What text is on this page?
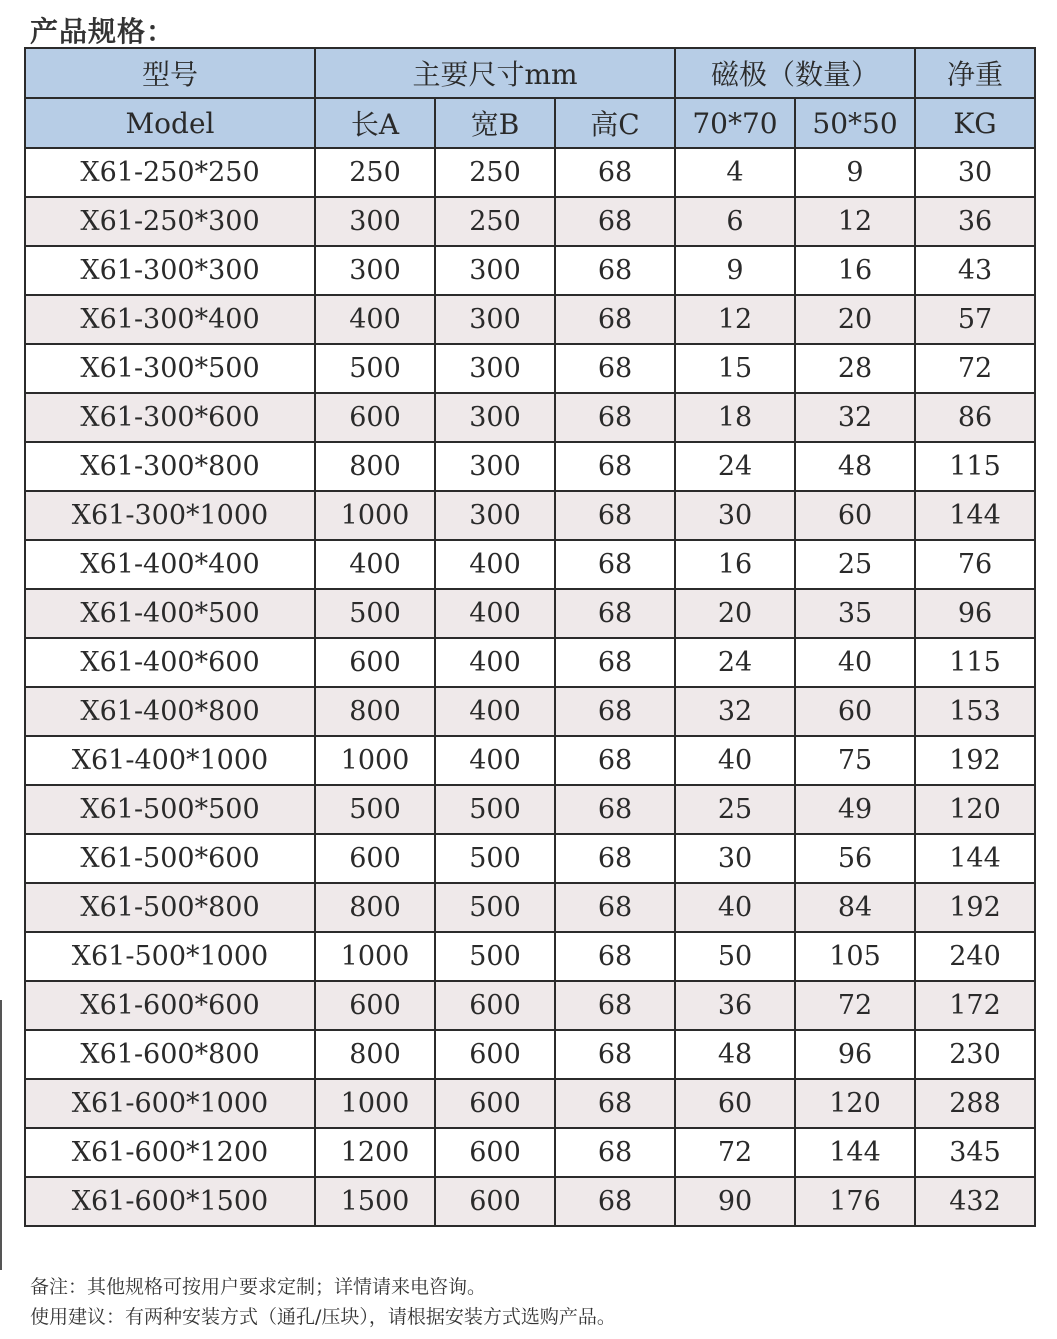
产品规格：
型号	主要尺寸mm			磁极（数量）		净重
Model	长A	宽B	高C	70*70	50*50	KG
X61-250*250	250	250	68	4	9	30
X61-250*300	300	250	68	6	12	36
X61-300*300	300	300	68	9	16	43
X61-300*400	400	300	68	12	20	57
X61-300*500	500	300	68	15	28	72
X61-300*600	600	300	68	18	32	86
X61-300*800	800	300	68	24	48	115
X61-300*1000	1000	300	68	30	60	144
X61-400*400	400	400	68	16	25	76
X61-400*500	500	400	68	20	35	96
X61-400*600	600	400	68	24	40	115
X61-400*800	800	400	68	32	60	153
X61-400*1000	1000	400	68	40	75	192
X61-500*500	500	500	68	25	49	120
X61-500*600	600	500	68	30	56	144
X61-500*800	800	500	68	40	84	192
X61-500*1000	1000	500	68	50	105	240
X61-600*600	600	600	68	36	72	172
X61-600*800	800	600	68	48	96	230
X61-600*1000	1000	600	68	60	120	288
X61-600*1200	1200	600	68	72	144	345
X61-600*1500	1500	600	68	90	176	432
备注：其他规格可按用户要求定制；详情请来电咨询。
使用建议：有两种安装方式（通孔/压块），请根据安装方式选购产品。
